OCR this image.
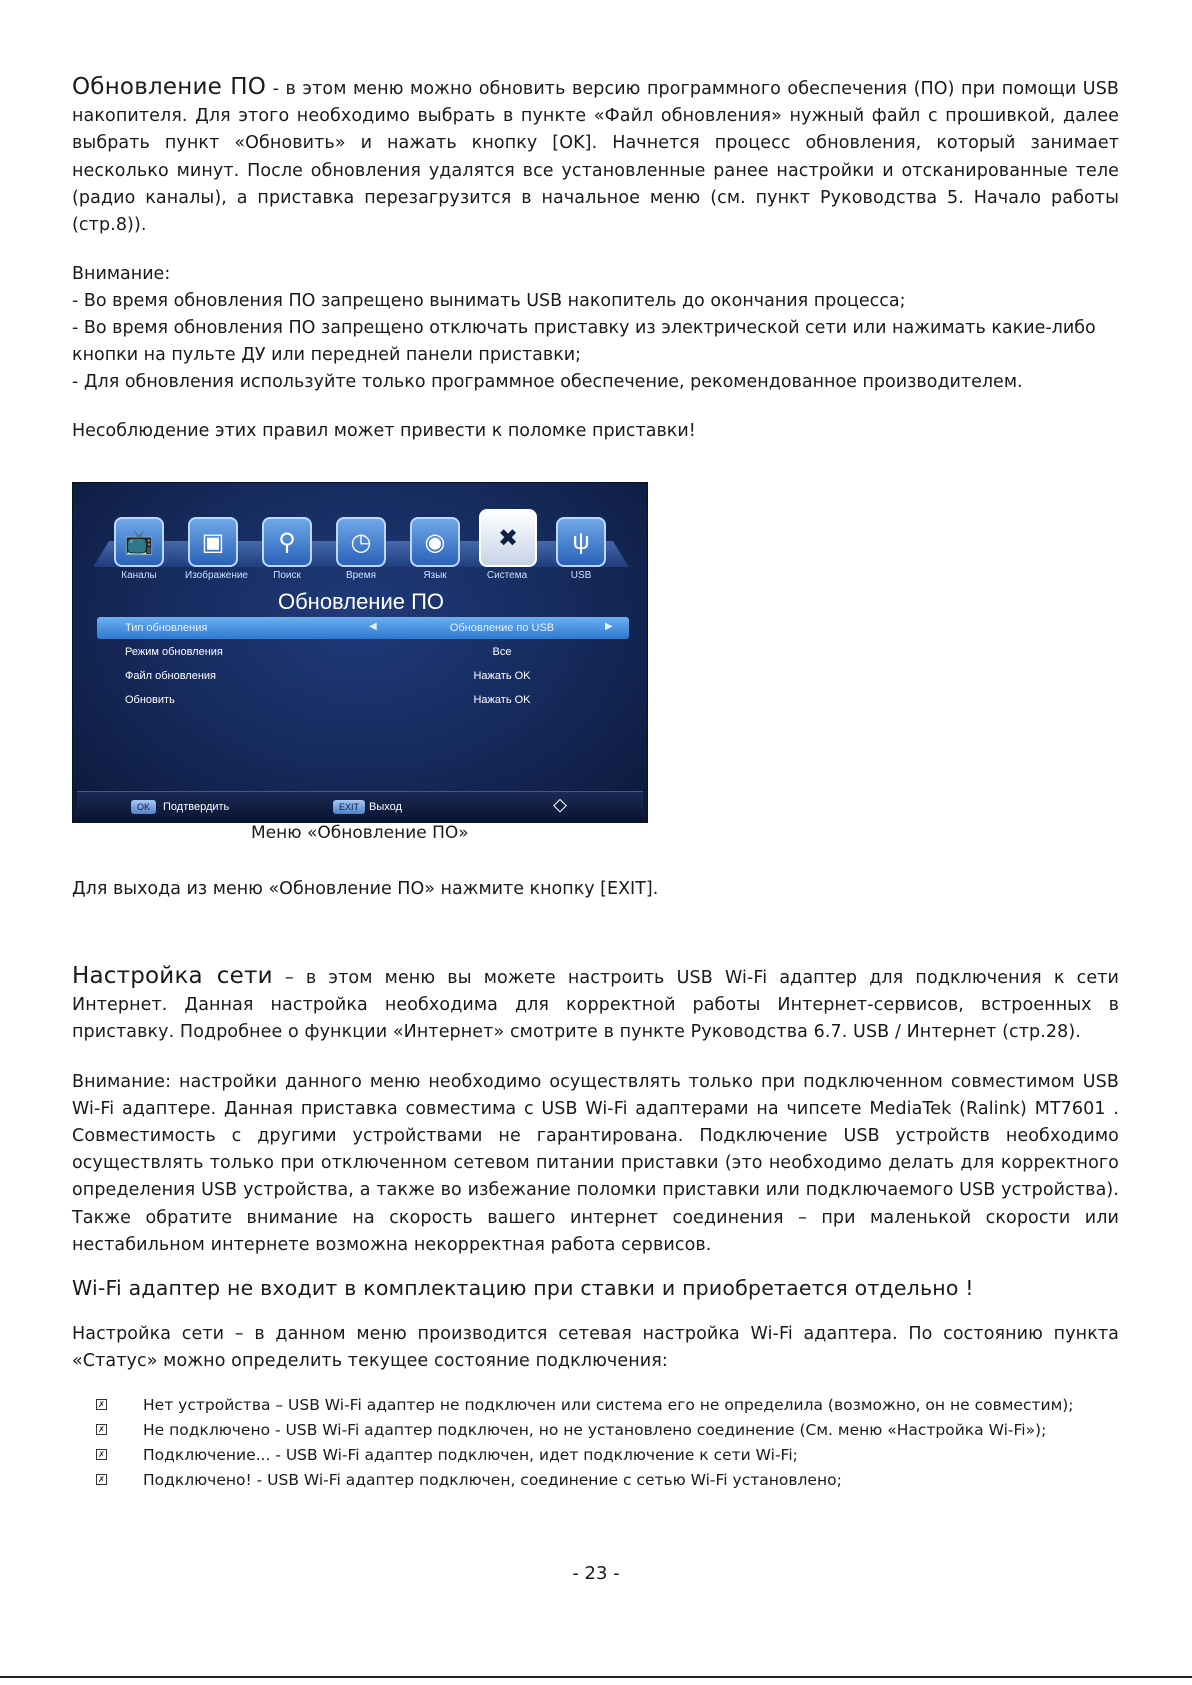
Обновление ПО - в этом меню можно обновить версию программного обеспечения (ПО) при помощи USB накопителя. Для этого необходимо выбрать в пункте «Файл обновления» нужный файл с прошивкой, далее выбрать пункт «Обновить» и нажать кнопку [OK]. Начнется процесс обновления, который занимает несколько минут. После обновления удалятся все установленные ранее настройки и отсканированные теле (радио каналы), а приставка перезагрузится в начальное меню (см. пункт Руководства 5. Начало работы (стр.8)).

Внимание:

- Во время обновления ПО запрещено вынимать USB накопитель до окончания процесса;

- Во время обновления ПО запрещено отключать приставку из электрической сети или нажимать какие-либо кнопки на пульте ДУ или передней панели приставки;

- Для обновления используйте только программное обеспечение, рекомендованное производителем.

Несоблюдение этих правил может привести к поломке приставки!

📺
Каналы
▣
Изображение
⚲
Поиск
◷
Время
◉
Язык
✖
Система
ψ
USB
Обновление ПО
Тип обновления	◀	Обновление по USB	▶
Режим обновления	Все
Файл обновления	Нажать OK
Обновить	Нажать OK
OK	Подтвердить	EXIT Выход	⬦
Меню «Обновление ПО»

Для выхода из меню «Обновление ПО» нажмите кнопку [EXIT].

Настройка сети – в этом меню вы можете настроить USB Wi-Fi адаптер для подключения к сети Интернет. Данная настройка необходима для корректной работы Интернет-сервисов, встроенных в приставку. Подробнее о функции «Интернет» смотрите в пункте Руководства 6.7. USB / Интернет (стр.28).

Внимание: настройки данного меню необходимо осуществлять только при подключенном совместимом USB Wi-Fi адаптере. Данная приставка совместима с USB Wi-Fi адаптерами на чипсете MediaTek (Ralink) MT7601 . Совместимость с другими устройствами не гарантирована. Подключение USB устройств необходимо осуществлять только при отключенном сетевом питании приставки (это необходимо делать для корректного определения USB устройства, а также во избежание поломки приставки или подключаемого USB устройства). Также обратите внимание на скорость вашего интернет соединения – при маленькой скорости или нестабильном интернете возможна некорректная работа сервисов.

Wi-Fi адаптер не входит в комплектацию при ставки и приобретается отдельно !

Настройка сети – в данном меню производится сетевая настройка Wi-Fi адаптера. По состоянию пункта «Статус» можно определить текущее состояние подключения:

✗ Нет устройства – USB Wi-Fi адаптер не подключен или система его не определила (возможно, он не совместим);
✗ Не подключено - USB Wi-Fi адаптер подключен, но не установлено соединение (См. меню «Настройка Wi-Fi»);
✗ Подключение... - USB Wi-Fi адаптер подключен, идет подключение к сети Wi-Fi;
✗ Подключено! - USB Wi-Fi адаптер подключен, соединение с сетью Wi-Fi установлено;
- 23 -
